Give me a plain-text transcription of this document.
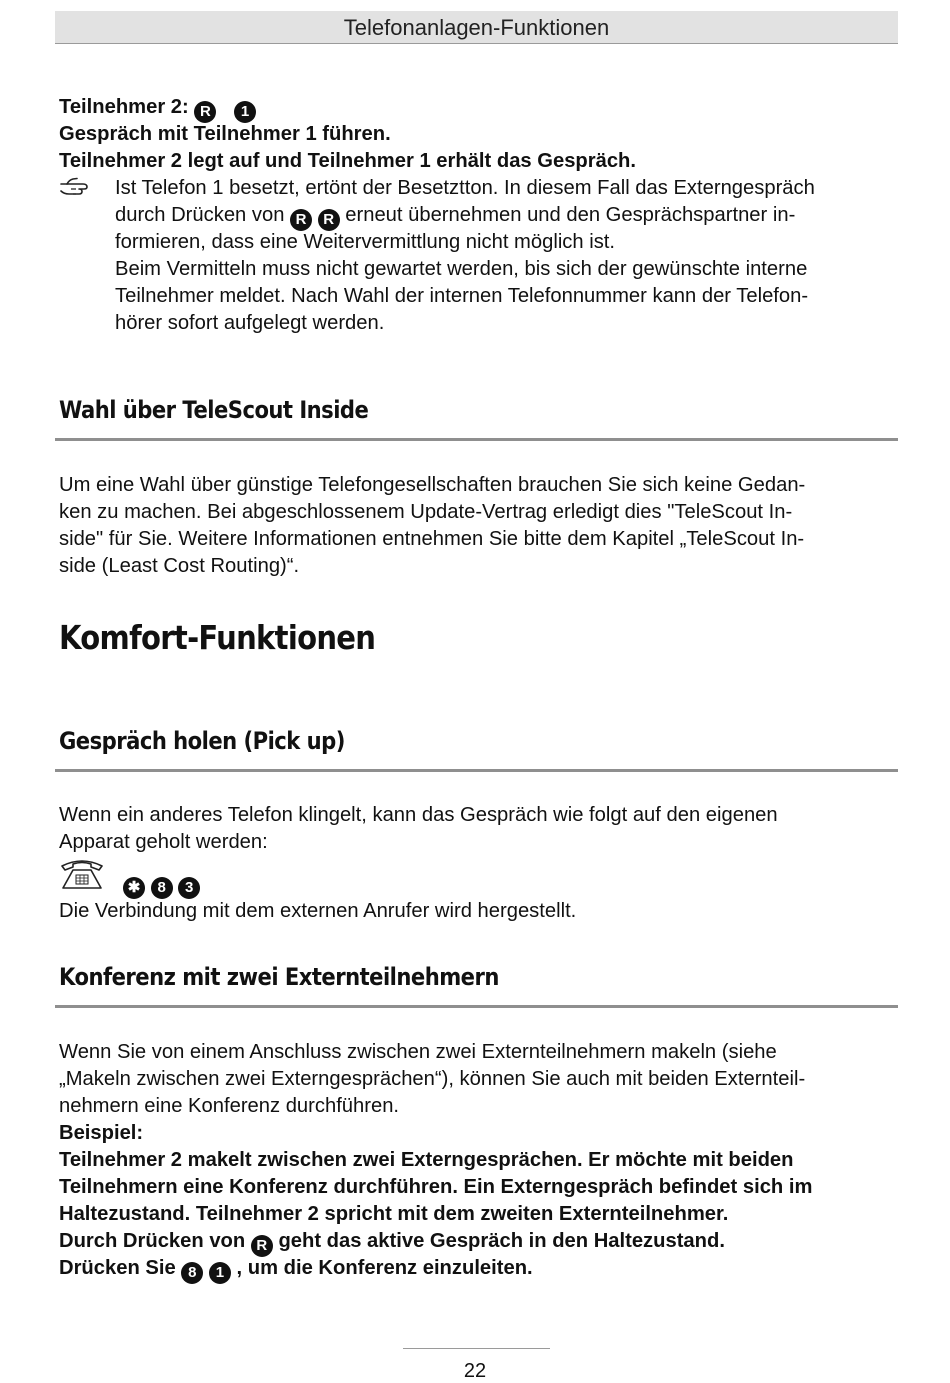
Telefonanlagen-Funktionen
Teilnehmer 2: R 1
Gespräch mit Teilnehmer 1 führen.
Teilnehmer 2 legt auf und Teilnehmer 1 erhält das Gespräch.
Ist Telefon 1 besetzt, ertönt der Besetztton. In diesem Fall das Externgespräch
durch Drücken von R R erneut übernehmen und den Gesprächspartner in-
formieren, dass eine Weitervermittlung nicht möglich ist.
Beim Vermitteln muss nicht gewartet werden, bis sich der gewünschte interne
Teilnehmer meldet. Nach Wahl der internen Telefonnummer kann der Telefon-
hörer sofort aufgelegt werden.
Wahl über TeleScout Inside
Um eine Wahl über günstige Telefongesellschaften brauchen Sie sich keine Gedan-
ken zu machen. Bei abgeschlossenem Update-Vertrag erledigt dies "TeleScout In-
side" für Sie. Weitere Informationen entnehmen Sie bitte dem Kapitel „TeleScout In-
side (Least Cost Routing)“.
Komfort-Funktionen
Gespräch holen (Pick up)
Wenn ein anderes Telefon klingelt, kann das Gespräch wie folgt auf den eigenen
Apparat geholt werden:
✱ 8 3
Die Verbindung mit dem externen Anrufer wird hergestellt.
Konferenz mit zwei Externteilnehmern
Wenn Sie von einem Anschluss zwischen zwei Externteilnehmern makeln (siehe
„Makeln zwischen zwei Externgesprächen“), können Sie auch mit beiden Externteil-
nehmern eine Konferenz durchführen.
Beispiel:
Teilnehmer 2 makelt zwischen zwei Externgesprächen. Er möchte mit beiden
Teilnehmern eine Konferenz durchführen. Ein Externgespräch befindet sich im
Haltezustand. Teilnehmer 2 spricht mit dem zweiten Externteilnehmer.
Durch Drücken von R geht das aktive Gespräch in den Haltezustand.
Drücken Sie 8 1 , um die Konferenz einzuleiten.
22
